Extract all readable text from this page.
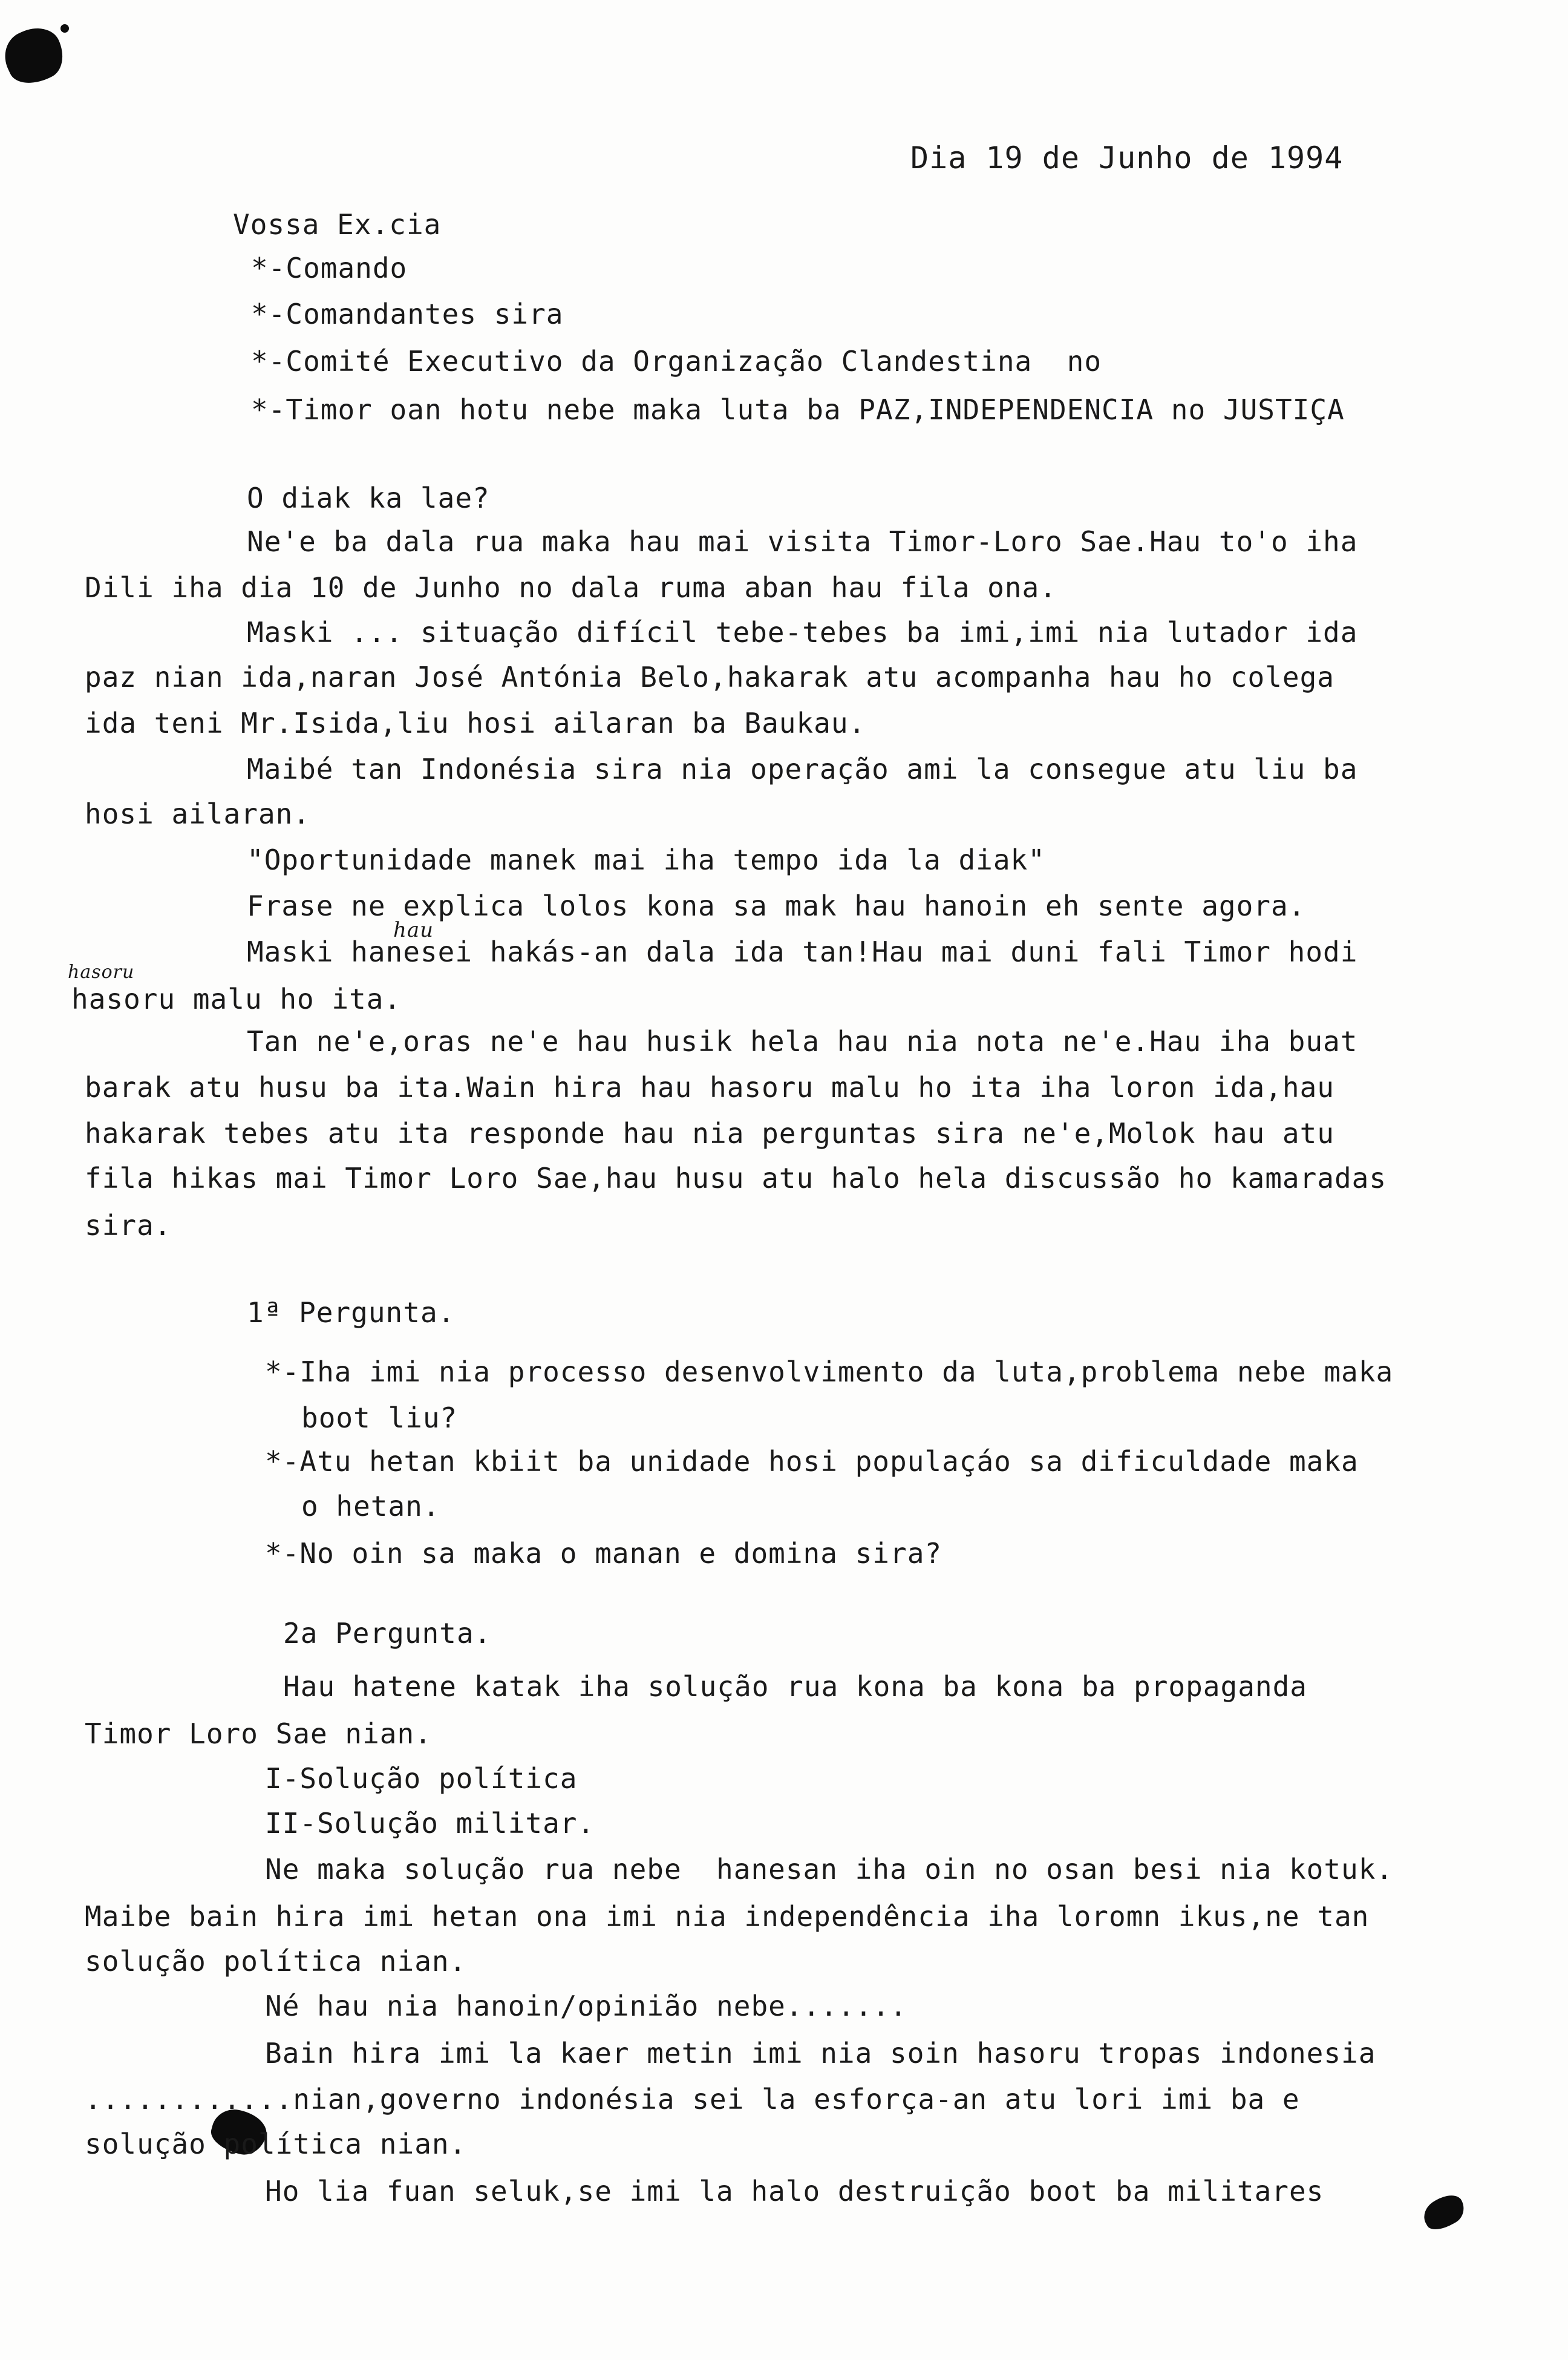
Dia 19 de Junho de 1994
Vossa Ex.cia
*-Comando
*-Comandantes sira
*-Comité Executivo da Organização Clandestina  no
*-Timor oan hotu nebe maka luta ba PAZ,INDEPENDENCIA no JUSTIÇA
O diak ka lae?
Ne'e ba dala rua maka hau mai visita Timor-Loro Sae.Hau to'o iha
Dili iha dia 10 de Junho no dala ruma aban hau fila ona.
Maski ... situação difícil tebe-tebes ba imi,imi nia lutador ida
paz nian ida,naran José Antónia Belo,hakarak atu acompanha hau ho colega
ida teni Mr.Isida,liu hosi ailaran ba Baukau.
Maibé tan Indonésia sira nia operação ami la consegue atu liu ba
hosi ailaran.
"Oportunidade manek mai iha tempo ida la diak"
Frase ne explica lolos kona sa mak hau hanoin eh sente agora.
hau
Maski hanesei hakás-an dala ida tan!Hau mai duni fali Timor hodi
hasoru
hasoru malu ho ita.
Tan ne'e,oras ne'e hau husik hela hau nia nota ne'e.Hau iha buat
barak atu husu ba ita.Wain hira hau hasoru malu ho ita iha loron ida,hau
hakarak tebes atu ita responde hau nia perguntas sira ne'e,Molok hau atu
fila hikas mai Timor Loro Sae,hau husu atu halo hela discussão ho kamaradas
sira.
1ª Pergunta.
*-Iha imi nia processo desenvolvimento da luta,problema nebe maka
boot liu?
*-Atu hetan kbiit ba unidade hosi populaçáo sa dificuldade maka
o hetan.
*-No oin sa maka o manan e domina sira?
2a Pergunta.
Hau hatene katak iha solução rua kona ba kona ba propaganda
Timor Loro Sae nian.
I-Solução política
II-Solução militar.
Ne maka solução rua nebe  hanesan iha oin no osan besi nia kotuk.
Maibe bain hira imi hetan ona imi nia independência iha loromn ikus,ne tan
solução política nian.
Né hau nia hanoin/opinião nebe.......
Bain hira imi la kaer metin imi nia soin hasoru tropas indonesia
............nian,governo indonésia sei la esforça-an atu lori imi ba e
solução política nian.
Ho lia fuan seluk,se imi la halo destruição boot ba militares
